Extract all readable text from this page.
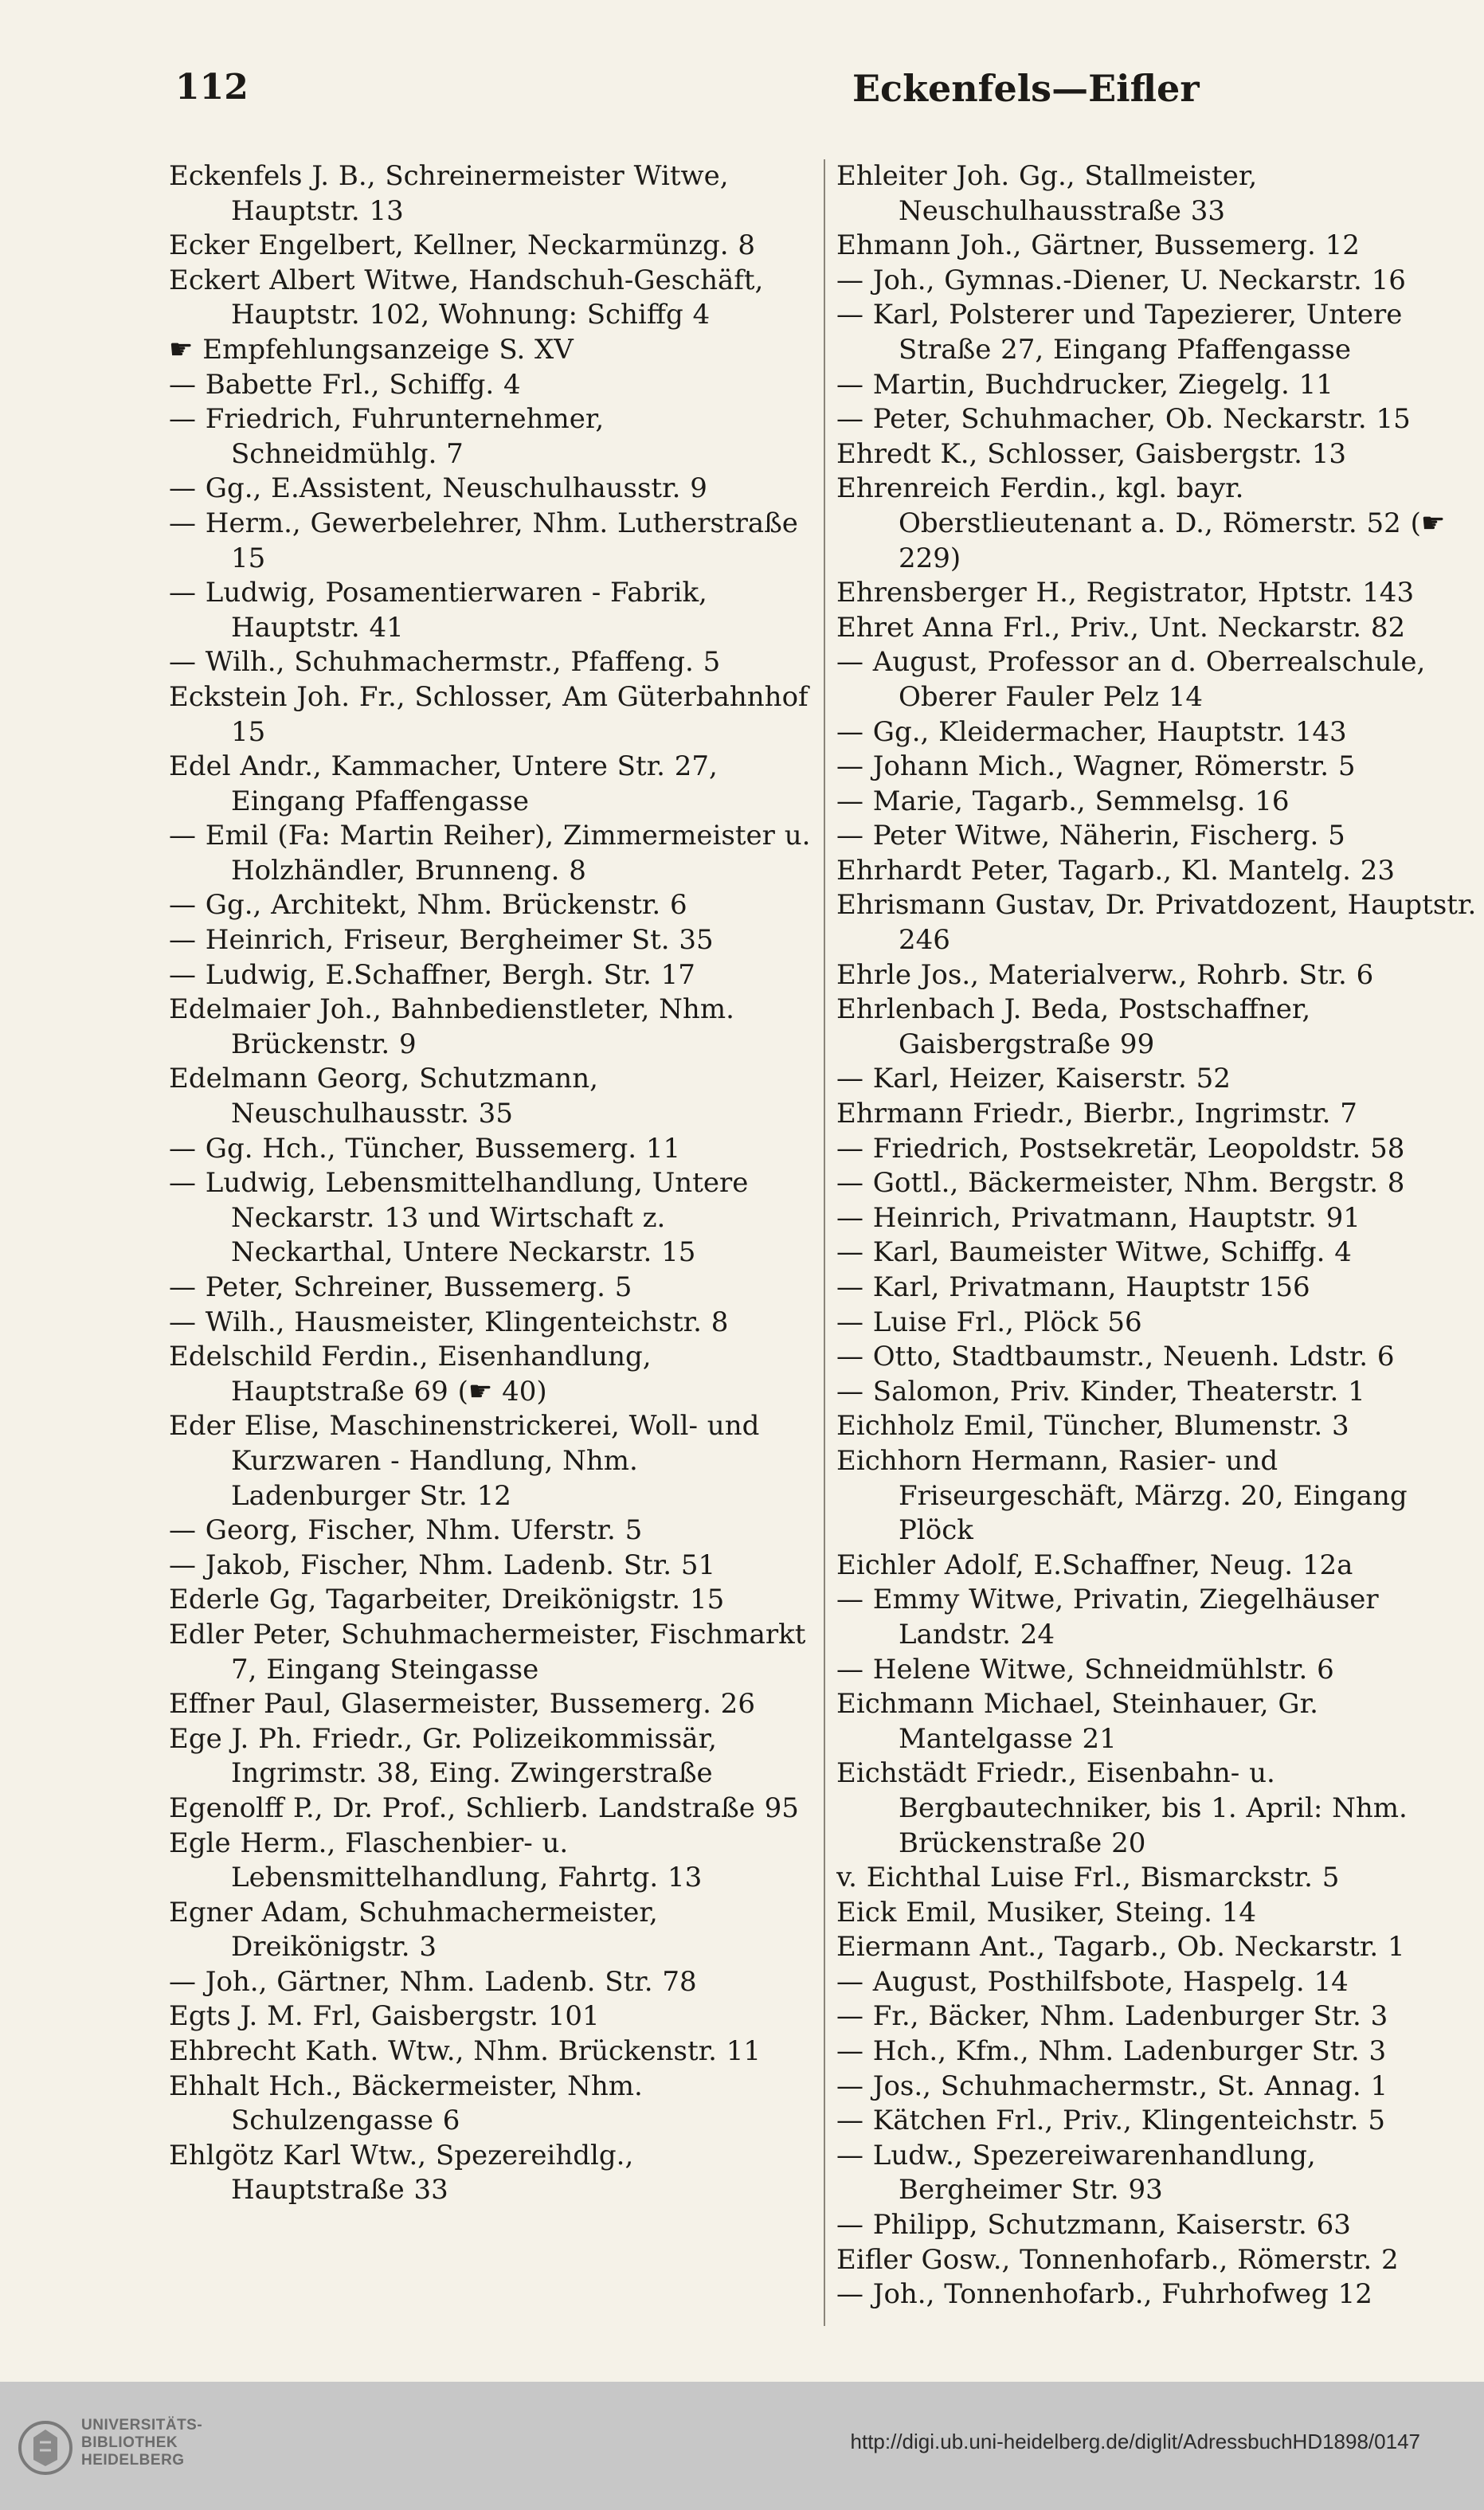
112	Eckenfels—Eifler
Eckenfels J. B., Schreinermeister Witwe, Hauptstr. 13
Ecker Engelbert, Kellner, Neckarmünzg. 8
Eckert Albert Witwe, Handschuh-Geschäft, Hauptstr. 102, Wohnung: Schiffg 4
☛ Empfehlungsanzeige S. XV
— Babette Frl., Schiffg. 4
— Friedrich, Fuhrunternehmer, Schneidmühlg. 7
— Gg., E.Assistent, Neuschulhausstr. 9
— Herm., Gewerbelehrer, Nhm. Lutherstraße 15
— Ludwig, Posamentierwaren - Fabrik, Hauptstr. 41
— Wilh., Schuhmachermstr., Pfaffeng. 5
Eckstein Joh. Fr., Schlosser, Am Güterbahnhof 15
Edel Andr., Kammacher, Untere Str. 27, Eingang Pfaffengasse
— Emil (Fa: Martin Reiher), Zimmermeister u. Holzhändler, Brunneng. 8
— Gg., Architekt, Nhm. Brückenstr. 6
— Heinrich, Friseur, Bergheimer St. 35
— Ludwig, E.Schaffner, Bergh. Str. 17
Edelmaier Joh., Bahnbedienstleter, Nhm. Brückenstr. 9
Edelmann Georg, Schutzmann, Neuschulhausstr. 35
— Gg. Hch., Tüncher, Bussemerg. 11
— Ludwig, Lebensmittelhandlung, Untere Neckarstr. 13 und Wirtschaft z. Neckarthal, Untere Neckarstr. 15
— Peter, Schreiner, Bussemerg. 5
— Wilh., Hausmeister, Klingenteichstr. 8
Edelschild Ferdin., Eisenhandlung, Hauptstraße 69 (☛ 40)
Eder Elise, Maschinenstrickerei, Woll- und Kurzwaren - Handlung, Nhm. Ladenburger Str. 12
— Georg, Fischer, Nhm. Uferstr. 5
— Jakob, Fischer, Nhm. Ladenb. Str. 51
Ederle Gg, Tagarbeiter, Dreikönigstr. 15
Edler Peter, Schuhmachermeister, Fischmarkt 7, Eingang Steingasse
Effner Paul, Glasermeister, Bussemerg. 26
Ege J. Ph. Friedr., Gr. Polizeikommissär, Ingrimstr. 38, Eing. Zwingerstraße
Egenolff P., Dr. Prof., Schlierb. Landstraße 95
Egle Herm., Flaschenbier- u. Lebensmittelhandlung, Fahrtg. 13
Egner Adam, Schuhmachermeister, Dreikönigstr. 3
— Joh., Gärtner, Nhm. Ladenb. Str. 78
Egts J. M. Frl, Gaisbergstr. 101
Ehbrecht Kath. Wtw., Nhm. Brückenstr. 11
Ehhalt Hch., Bäckermeister, Nhm. Schulzengasse 6
Ehlgötz Karl Wtw., Spezereihdlg., Hauptstraße 33
Ehleiter Joh. Gg., Stallmeister, Neuschulhausstraße 33
Ehmann Joh., Gärtner, Bussemerg. 12
— Joh., Gymnas.-Diener, U. Neckarstr. 16
— Karl, Polsterer und Tapezierer, Untere Straße 27, Eingang Pfaffengasse
— Martin, Buchdrucker, Ziegelg. 11
— Peter, Schuhmacher, Ob. Neckarstr. 15
Ehredt K., Schlosser, Gaisbergstr. 13
Ehrenreich Ferdin., kgl. bayr. Oberstlieutenant a. D., Römerstr. 52 (☛ 229)
Ehrensberger H., Registrator, Hptstr. 143
Ehret Anna Frl., Priv., Unt. Neckarstr. 82
— August, Professor an d. Oberrealschule, Oberer Fauler Pelz 14
— Gg., Kleidermacher, Hauptstr. 143
— Johann Mich., Wagner, Römerstr. 5
— Marie, Tagarb., Semmelsg. 16
— Peter Witwe, Näherin, Fischerg. 5
Ehrhardt Peter, Tagarb., Kl. Mantelg. 23
Ehrismann Gustav, Dr. Privatdozent, Hauptstr. 246
Ehrle Jos., Materialverw., Rohrb. Str. 6
Ehrlenbach J. Beda, Postschaffner, Gaisbergstraße 99
— Karl, Heizer, Kaiserstr. 52
Ehrmann Friedr., Bierbr., Ingrimstr. 7
— Friedrich, Postsekretär, Leopoldstr. 58
— Gottl., Bäckermeister, Nhm. Bergstr. 8
— Heinrich, Privatmann, Hauptstr. 91
— Karl, Baumeister Witwe, Schiffg. 4
— Karl, Privatmann, Hauptstr 156
— Luise Frl., Plöck 56
— Otto, Stadtbaumstr., Neuenh. Ldstr. 6
— Salomon, Priv. Kinder, Theaterstr. 1
Eichholz Emil, Tüncher, Blumenstr. 3
Eichhorn Hermann, Rasier- und Friseurgeschäft, Märzg. 20, Eingang Plöck
Eichler Adolf, E.Schaffner, Neug. 12a
— Emmy Witwe, Privatin, Ziegelhäuser Landstr. 24
— Helene Witwe, Schneidmühlstr. 6
Eichmann Michael, Steinhauer, Gr. Mantelgasse 21
Eichstädt Friedr., Eisenbahn- u. Bergbautechniker, bis 1. April: Nhm. Brückenstraße 20
v. Eichthal Luise Frl., Bismarckstr. 5
Eick Emil, Musiker, Steing. 14
Eiermann Ant., Tagarb., Ob. Neckarstr. 1
— August, Posthilfsbote, Haspelg. 14
— Fr., Bäcker, Nhm. Ladenburger Str. 3
— Hch., Kfm., Nhm. Ladenburger Str. 3
— Jos., Schuhmachermstr., St. Annag. 1
— Kätchen Frl., Priv., Klingenteichstr. 5
— Ludw., Spezereiwarenhandlung, Bergheimer Str. 93
— Philipp, Schutzmann, Kaiserstr. 63
Eifler Gosw., Tonnenhofarb., Römerstr. 2
— Joh., Tonnenhofarb., Fuhrhofweg 12
UNIVERSITÄTS-
BIBLIOTHEK
HEIDELBERG
http://digi.ub.uni-heidelberg.de/diglit/AdressbuchHD1898/0147
